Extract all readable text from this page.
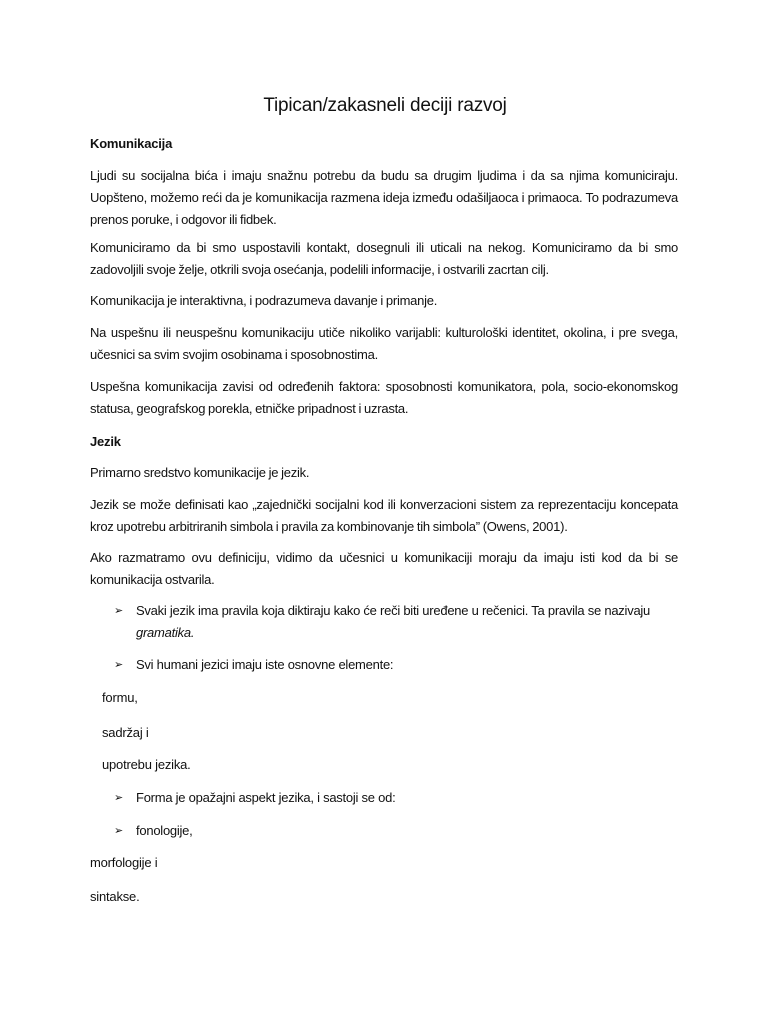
Tipican/zakasneli deciji razvoj
Komunikacija
Ljudi su socijalna bića i imaju snažnu potrebu da budu sa drugim ljudima i da sa njima komuniciraju. Uopšteno, možemo reći da je komunikacija razmena ideja između odašiljaoca i primaoca. To podrazumeva prenos poruke, i odgovor ili fidbek.
Komuniciramo da bi smo uspostavili kontakt, dosegnuli ili uticali na nekog. Komuniciramo da bi smo zadovoljili svoje želje, otkrili svoja osećanja, podelili informacije, i ostvarili zacrtan cilj.
Komunikacija je interaktivna, i podrazumeva davanje i primanje.
Na uspešnu ili neuspešnu komunikaciju utiče nikoliko varijabli: kulturološki identitet, okolina, i pre svega, učesnici sa svim svojim osobinama i sposobnostima.
Uspešna komunikacija zavisi od određenih faktora: sposobnosti komunikatora, pola, socio-ekonomskog statusa, geografskog porekla, etničke pripadnost i uzrasta.
Jezik
Primarno sredstvo komunikacije je jezik.
Jezik se može definisati kao „zajednički socijalni kod ili konverzacioni sistem za reprezentaciju koncepata kroz upotrebu arbitriranih simbola i pravila za kombinovanje tih simbola” (Owens, 2001).
Ako razmatramo ovu definiciju, vidimo da učesnici u komunikaciji moraju da imaju isti kod da bi se komunikacija ostvarila.
➢	Svaki jezik ima pravila koja diktiraju kako će reči biti uređene u rečenici. Ta pravila se nazivaju
gramatika.
➢	Svi humani jezici imaju iste osnovne elemente:
formu,
sadržaj i
upotrebu jezika.
➢	Forma je opažajni aspekt jezika, i sastoji se od:
➢	fonologije,
morfologije i
sintakse.
